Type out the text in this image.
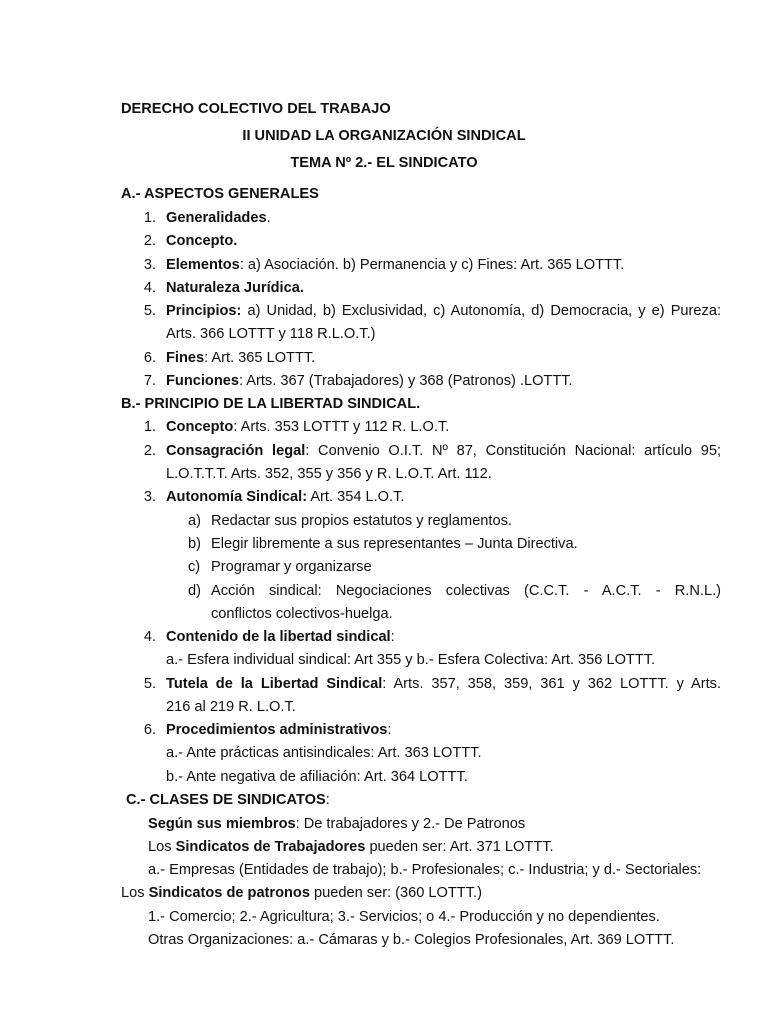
DERECHO COLECTIVO DEL TRABAJO
II UNIDAD LA ORGANIZACIÓN SINDICAL
TEMA Nº 2.- EL SINDICATO
A.- ASPECTOS GENERALES
1. Generalidades.
2. Concepto.
3. Elementos: a) Asociación. b) Permanencia y c) Fines: Art. 365 LOTTT.
4. Naturaleza Jurídica.
5. Principios: a) Unidad, b) Exclusividad, c) Autonomía, d) Democracia, y e) Pureza:
Arts. 366 LOTTT y 118 R.L.O.T.)
6. Fines: Art. 365 LOTTT.
7. Funciones: Arts. 367 (Trabajadores) y 368 (Patronos) .LOTTT.
B.- PRINCIPIO DE LA LIBERTAD SINDICAL.
1. Concepto: Arts. 353 LOTTT y 112 R. L.O.T.
2. Consagración legal: Convenio O.I.T. Nº 87, Constitución Nacional: artículo 95;
L.O.T.T.T. Arts. 352, 355 y 356 y R. L.O.T. Art. 112.
3. Autonomía Sindical: Art. 354 L.O.T.
a) Redactar sus propios estatutos y reglamentos.
b) Elegir libremente a sus representantes – Junta Directiva.
c) Programar y organizarse
d) Acción sindical: Negociaciones colectivas (C.C.T. - A.C.T. - R.N.L.)
conflictos colectivos-huelga.
4. Contenido de la libertad sindical:
a.- Esfera individual sindical: Art 355 y b.- Esfera Colectiva: Art. 356 LOTTT.
5. Tutela de la Libertad Sindical: Arts. 357, 358, 359, 361 y 362 LOTTT. y Arts.
216 al 219 R. L.O.T.
6. Procedimientos administrativos:
a.- Ante prácticas antisindicales: Art. 363 LOTTT.
b.- Ante negativa de afiliación: Art. 364 LOTTT.
C.- CLASES DE SINDICATOS:
Según sus miembros: De trabajadores y 2.- De Patronos
Los Sindicatos de Trabajadores pueden ser: Art. 371 LOTTT.
a.- Empresas (Entidades de trabajo); b.- Profesionales; c.- Industria; y d.- Sectoriales:
Los Sindicatos de patronos pueden ser: (360 LOTTT.)
1.- Comercio; 2.- Agricultura; 3.- Servicios; o 4.- Producción y no dependientes.
Otras Organizaciones: a.- Cámaras y b.- Colegios Profesionales, Art. 369 LOTTT.
